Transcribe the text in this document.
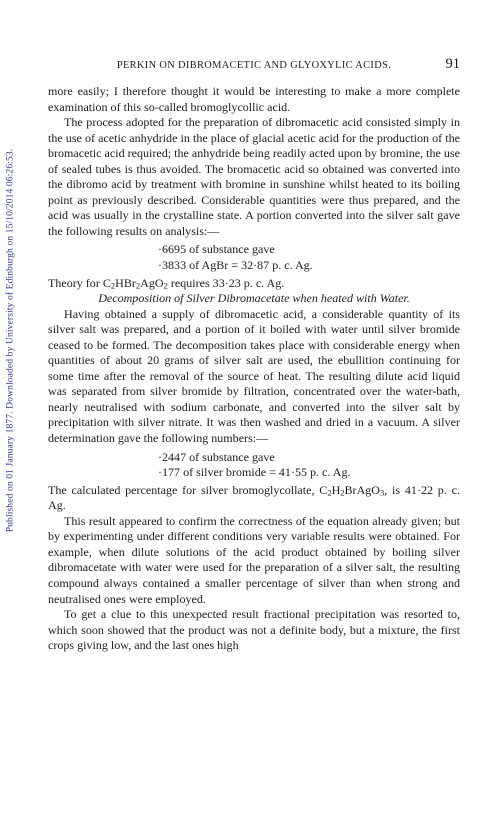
Published on 01 January 1877. Downloaded by University of Edinburgh on 15/10/2014 06:26:53.
PERKIN ON DIBROMACETIC AND GLYOXYLIC ACIDS.	91

more easily; I therefore thought it would be interesting to make a more complete examination of this so-called bromoglycollic acid.

The process adopted for the preparation of dibromacetic acid consisted simply in the use of acetic anhydride in the place of glacial acetic acid for the production of the bromacetic acid required; the anhydride being readily acted upon by bromine, the use of sealed tubes is thus avoided. The bromacetic acid so obtained was converted into the dibromo acid by treatment with bromine in sunshine whilst heated to its boiling point as previously described. Considerable quantities were thus prepared, and the acid was usually in the crystalline state. A portion converted into the silver salt gave the following results on analysis:—

·6695 of substance gave

·3833 of AgBr = 32·87 p. c. Ag.

Theory for $C_2HBr_2AgO_2$ requires 33·23 p. c. Ag.

Decomposition of Silver Dibromacetate when heated with Water.

Having obtained a supply of dibromacetic acid, a considerable quantity of its silver salt was prepared, and a portion of it boiled with water until silver bromide ceased to be formed. The decomposition takes place with considerable energy when quantities of about 20 grams of silver salt are used, the ebullition continuing for some time after the removal of the source of heat. The resulting dilute acid liquid was separated from silver bromide by filtration, concentrated over the water-bath, nearly neutralised with sodium carbonate, and converted into the silver salt by precipitation with silver nitrate. It was then washed and dried in a vacuum. A silver determination gave the following numbers:—

·2447 of substance gave

·177 of silver bromide = 41·55 p. c. Ag.

The calculated percentage for silver bromoglycollate, $C_2H_2BrAgO_3$, is 41·22 p. c. Ag.

This result appeared to confirm the correctness of the equation already given; but by experimenting under different conditions very variable results were obtained. For example, when dilute solutions of the acid product obtained by boiling silver dibromacetate with water were used for the preparation of a silver salt, the resulting compound always contained a smaller percentage of silver than when strong and neutralised ones were employed.

To get a clue to this unexpected result fractional precipitation was resorted to, which soon showed that the product was not a definite body, but a mixture, the first crops giving low, and the last ones high
